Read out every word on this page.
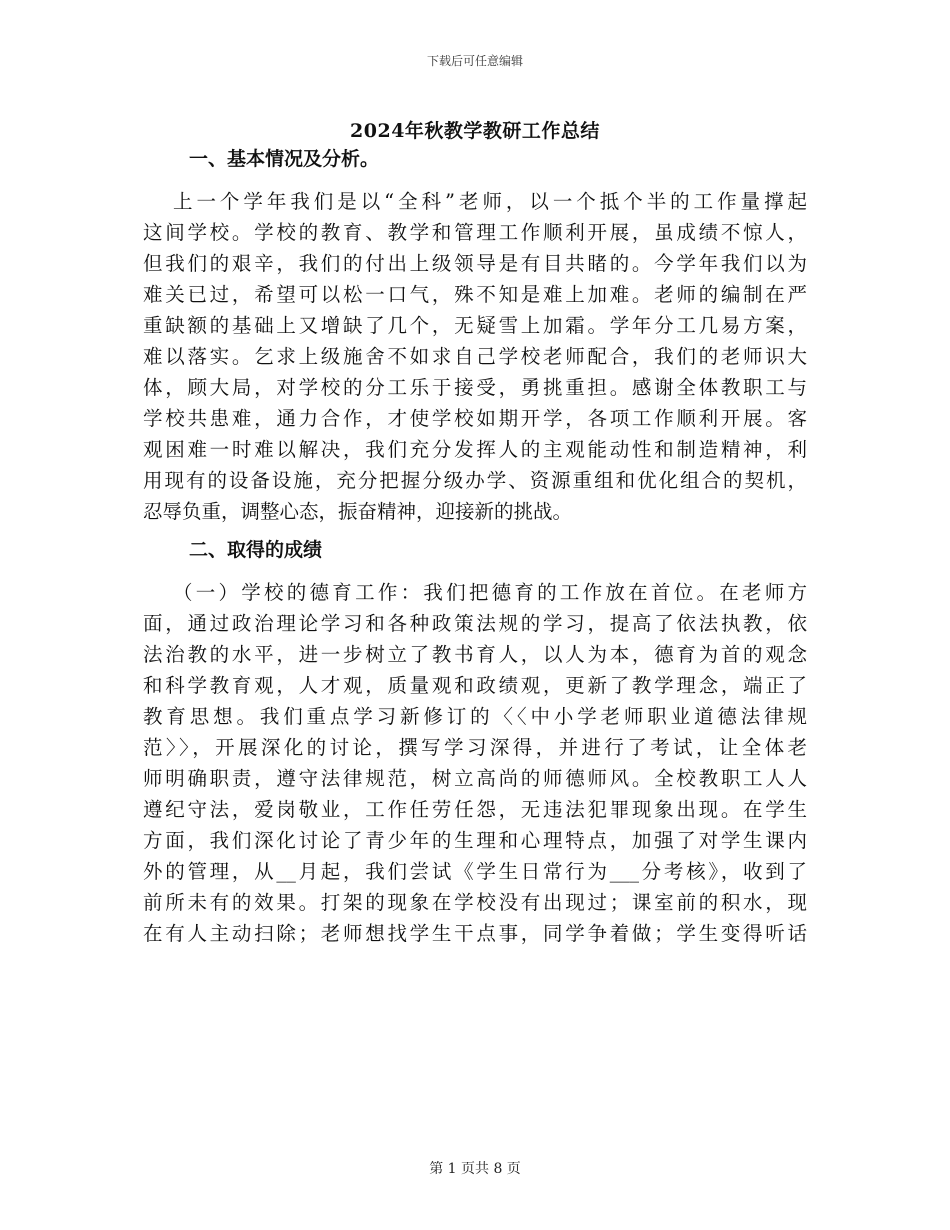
下载后可任意编辑
2024年秋教学教研工作总结
一、基本情况及分析。
上一个学年我们是以“全科”老师，以一个抵个半的工作量撑起
这间学校。学校的教育、教学和管理工作顺利开展，虽成绩不惊人，
但我们的艰辛，我们的付出上级领导是有目共睹的。今学年我们以为
难关已过，希望可以松一口气，殊不知是难上加难。老师的编制在严
重缺额的基础上又增缺了几个，无疑雪上加霜。学年分工几易方案，
难以落实。乞求上级施舍不如求自己学校老师配合，我们的老师识大
体，顾大局，对学校的分工乐于接受，勇挑重担。感谢全体教职工与
学校共患难，通力合作，才使学校如期开学，各项工作顺利开展。客
观困难一时难以解决，我们充分发挥人的主观能动性和制造精神，利
用现有的设备设施，充分把握分级办学、资源重组和优化组合的契机，
忍辱负重，调整心态，振奋精神，迎接新的挑战。
二、取得的成绩
（一）学校的德育工作：我们把德育的工作放在首位。在老师方
面，通过政治理论学习和各种政策法规的学习，提高了依法执教，依
法治教的水平，进一步树立了教书育人，以人为本，德育为首的观念
和科学教育观，人才观，质量观和政绩观，更新了教学理念，端正了
教育思想。我们重点学习新修订的〈〈中小学老师职业道德法律规
范〉〉，开展深化的讨论，撰写学习深得，并进行了考试，让全体老
师明确职责，遵守法律规范，树立高尚的师德师风。全校教职工人人
遵纪守法，爱岗敬业，工作任劳任怨，无违法犯罪现象出现。在学生
方面，我们深化讨论了青少年的生理和心理特点，加强了对学生课内
外的管理，从__月起，我们尝试《学生日常行为___分考核》，收到了
前所未有的效果。打架的现象在学校没有出现过；课室前的积水，现
在有人主动扫除；老师想找学生干点事，同学争着做；学生变得听话
第 1 页共 8 页
